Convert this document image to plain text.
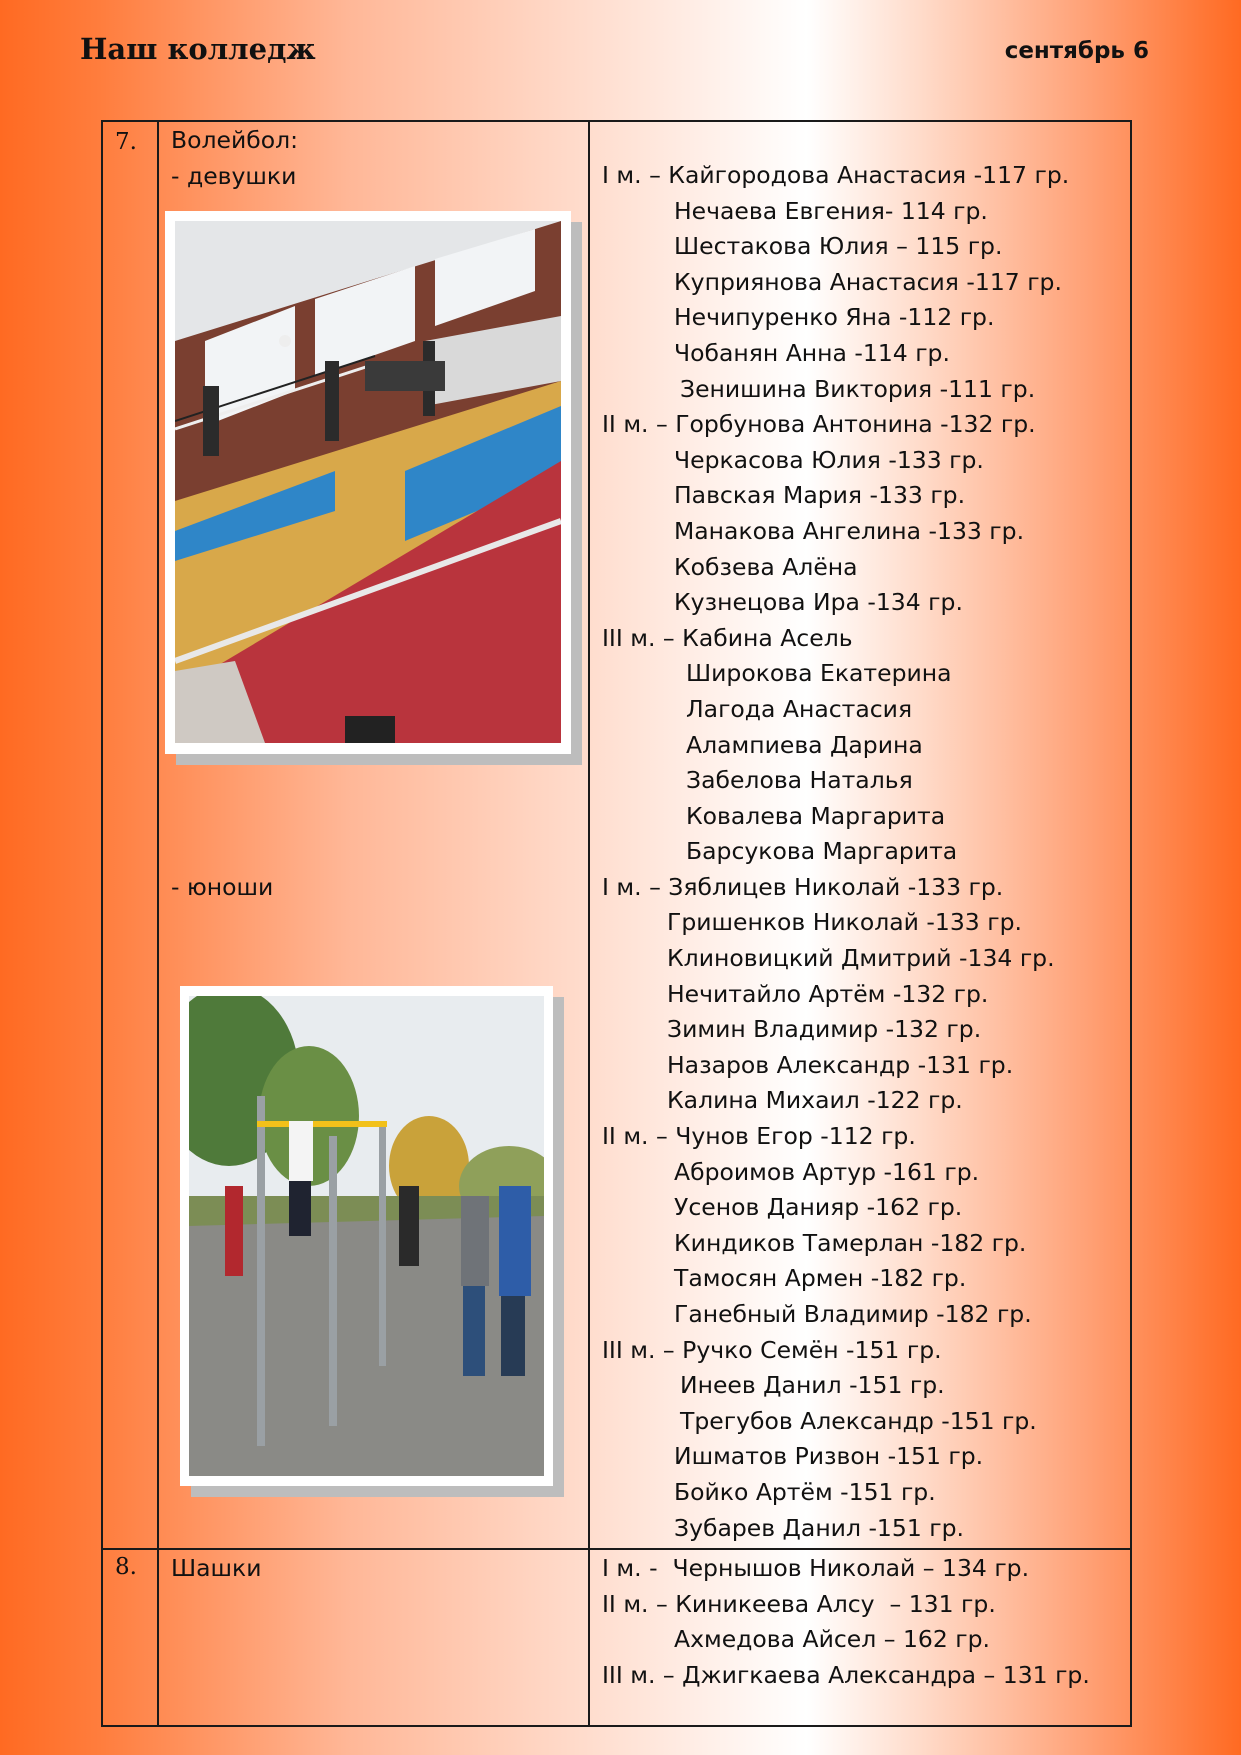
Наш колледж	сентябрь 6
7. Волейбол:
- девушки
- юноши
8. Шашки
I м. – Кайгородова Анастасия -117 гр.
Нечаева Евгения- 114 гр.
Шестакова Юлия – 115 гр.
Куприянова Анастасия -117 гр.
Нечипуренко Яна -112 гр.
Чобанян Анна -114 гр.
Зенишина Виктория -111 гр.
II м. – Горбунова Антонина -132 гр.
Черкасова Юлия -133 гр.
Павская Мария -133 гр.
Манакова Ангелина -133 гр.
Кобзева Алёна
Кузнецова Ира -134 гр.
III м. – Кабина Асель
Широкова Екатерина
Лагода Анастасия
Алампиева Дарина
Забелова Наталья
Ковалева Маргарита
Барсукова Маргарита
I м. – Зяблицев Николай -133 гр.
Гришенков Николай -133 гр.
Клиновицкий Дмитрий -134 гр.
Нечитайло Артём -132 гр.
Зимин Владимир -132 гр.
Назаров Александр -131 гр.
Калина Михаил -122 гр.
II м. – Чунов Егор -112 гр.
Аброимов Артур -161 гр.
Усенов Данияр -162 гр.
Киндиков Тамерлан -182 гр.
Тамосян Армен -182 гр.
Ганебный Владимир -182 гр.
III м. – Ручко Семён -151 гр.
Инеев Данил -151 гр.
Трегубов Александр -151 гр.
Ишматов Ризвон -151 гр.
Бойко Артём -151 гр.
Зубарев Данил -151 гр.
I м. -  Чернышов Николай – 134 гр.
II м. – Киникеева Алсу  – 131 гр.
Ахмедова Айсел – 162 гр.
III м. – Джигкаева Александра – 131 гр.
